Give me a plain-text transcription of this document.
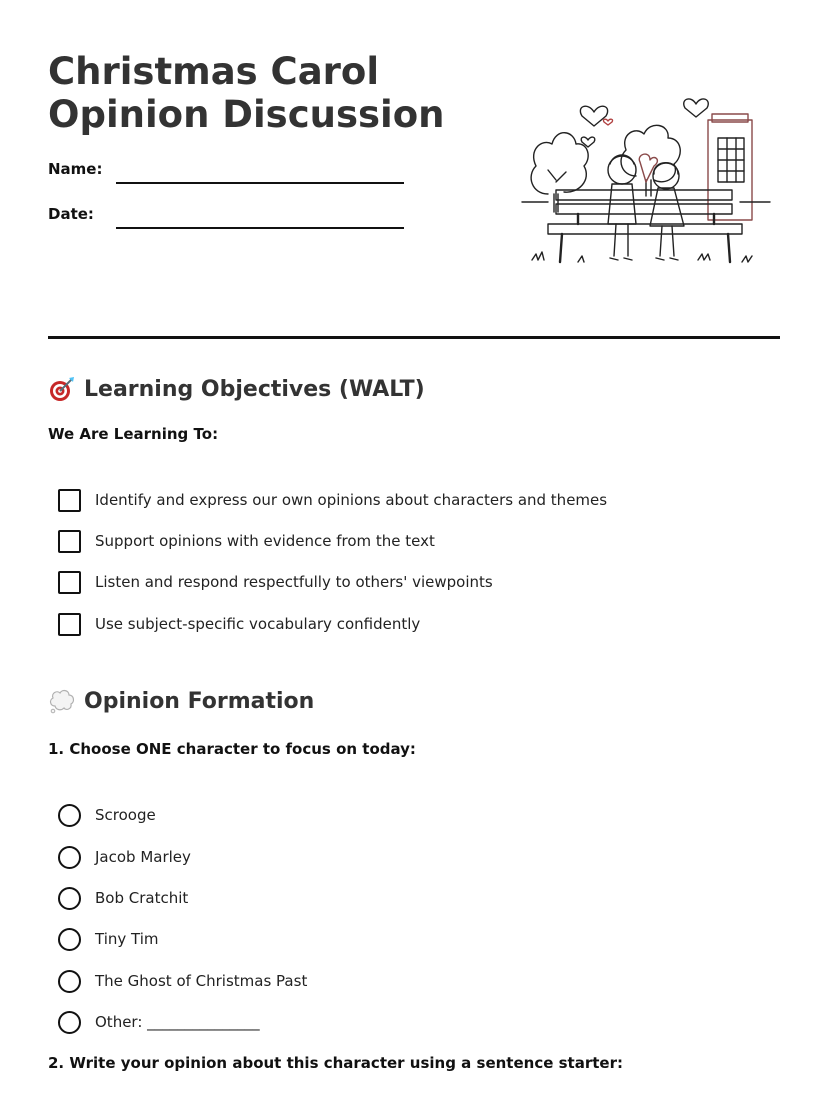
Christmas Carol Opinion Discussion
Name:
Date:
Learning Objectives (WALT)
We Are Learning To:
Identify and express our own opinions about characters and themes
Support opinions with evidence from the text
Listen and respond respectfully to others' viewpoints
Use subject-specific vocabulary confidently
Opinion Formation
1. Choose ONE character to focus on today:
Scrooge
Jacob Marley
Bob Cratchit
Tiny Tim
The Ghost of Christmas Past
Other: _______________
2. Write your opinion about this character using a sentence starter:
